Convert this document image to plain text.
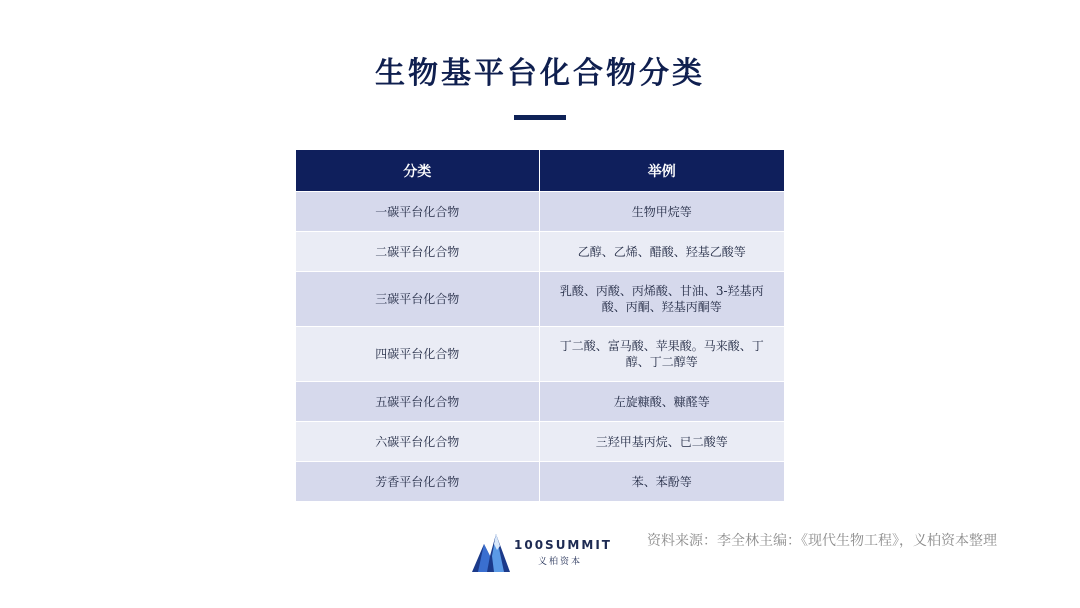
生物基平台化合物分类
分类	举例
一碳平台化合物	生物甲烷等
二碳平台化合物	乙醇、乙烯、醋酸、羟基乙酸等
三碳平台化合物	乳酸、丙酸、丙烯酸、甘油、3-羟基丙酸、丙酮、羟基丙酮等
四碳平台化合物	丁二酸、富马酸、苹果酸。马来酸、丁醇、丁二醇等
五碳平台化合物	左旋糠酸、糠醛等
六碳平台化合物	三羟甲基丙烷、已二酸等
芳香平台化合物	苯、苯酚等
100SUMMIT
义柏资本
资料来源：李全林主编：《现代生物工程》，义柏资本整理
